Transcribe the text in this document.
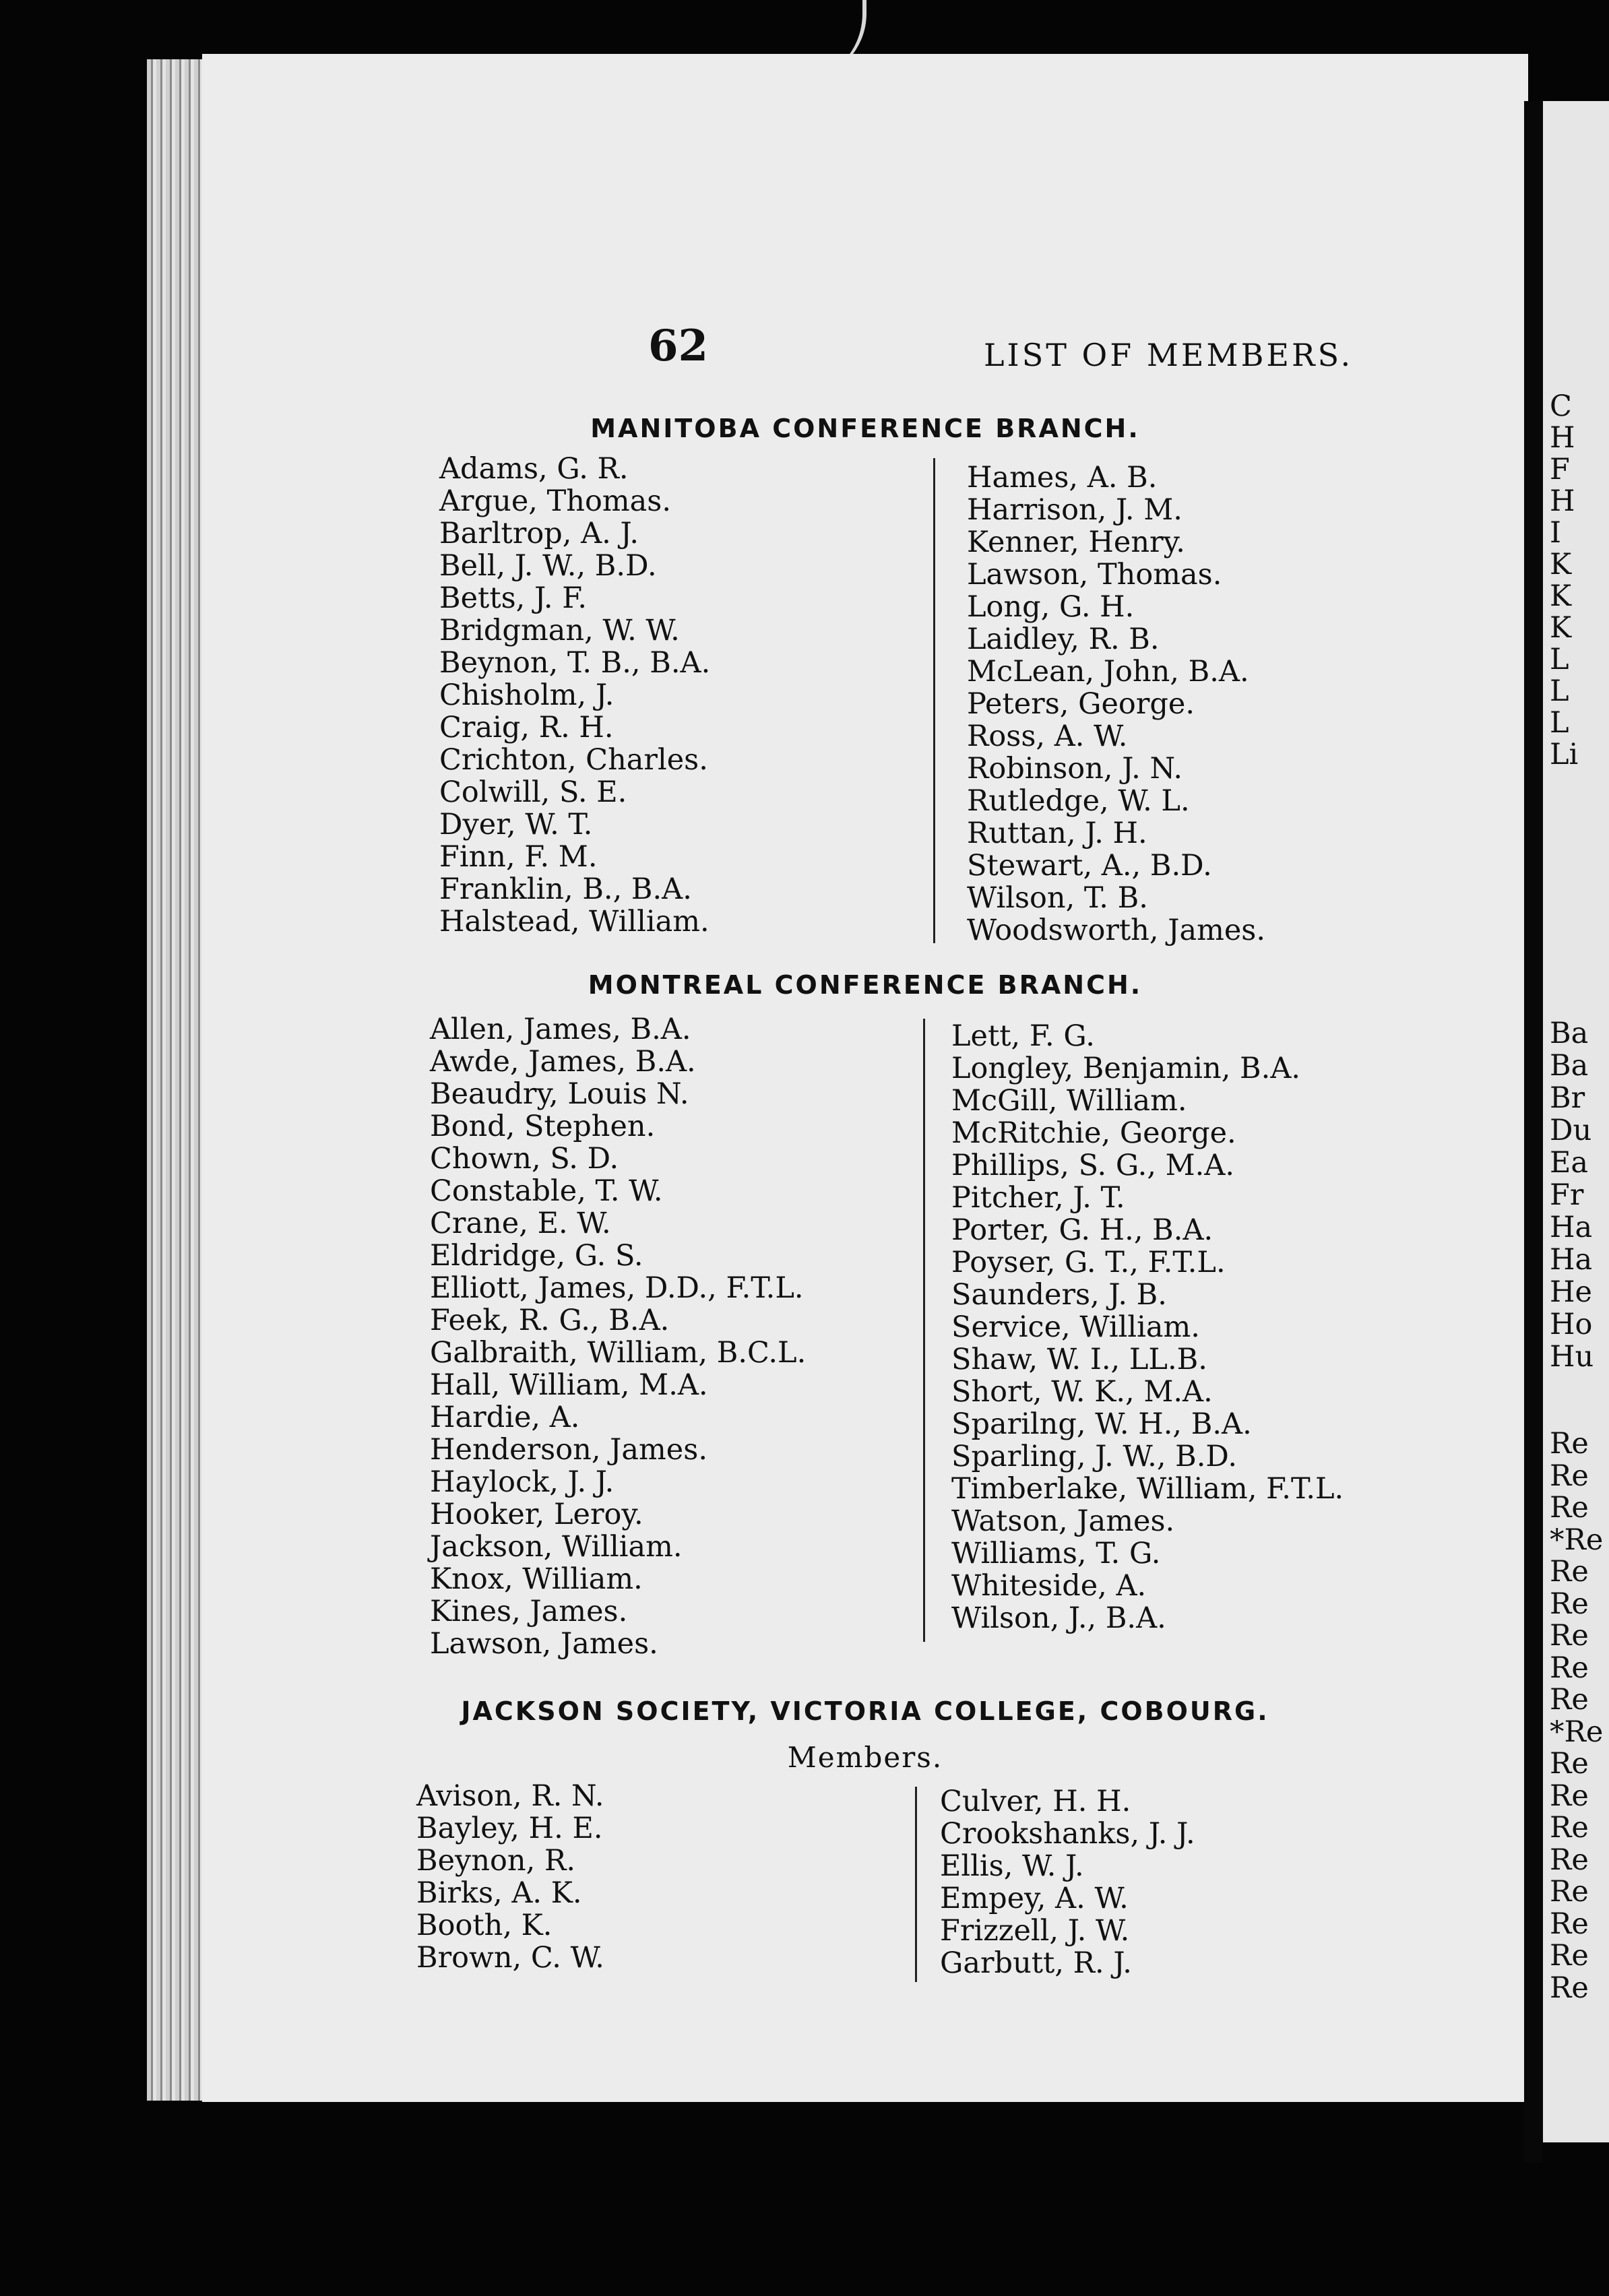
62	LIST OF MEMBERS.
MANITOBA CONFERENCE BRANCH.
Adams, G. R.
Argue, Thomas.
Barltrop, A. J.
Bell, J. W., B.D.
Betts, J. F.
Bridgman, W. W.
Beynon, T. B., B.A.
Chisholm, J.
Craig, R. H.
Crichton, Charles.
Colwill, S. E.
Dyer, W. T.
Finn, F. M.
Franklin, B., B.A.
Halstead, William.
Hames, A. B.
Harrison, J. M.
Kenner, Henry.
Lawson, Thomas.
Long, G. H.
Laidley, R. B.
McLean, John, B.A.
Peters, George.
Ross, A. W.
Robinson, J. N.
Rutledge, W. L.
Ruttan, J. H.
Stewart, A., B.D.
Wilson, T. B.
Woodsworth, James.
MONTREAL CONFERENCE BRANCH.
Allen, James, B.A.
Awde, James, B.A.
Beaudry, Louis N.
Bond, Stephen.
Chown, S. D.
Constable, T. W.
Crane, E. W.
Eldridge, G. S.
Elliott, James, D.D., F.T.L.
Feek, R. G., B.A.
Galbraith, William, B.C.L.
Hall, William, M.A.
Hardie, A.
Henderson, James.
Haylock, J. J.
Hooker, Leroy.
Jackson, William.
Knox, William.
Kines, James.
Lawson, James.
Lett, F. G.
Longley, Benjamin, B.A.
McGill, William.
McRitchie, George.
Phillips, S. G., M.A.
Pitcher, J. T.
Porter, G. H., B.A.
Poyser, G. T., F.T.L.
Saunders, J. B.
Service, William.
Shaw, W. I., LL.B.
Short, W. K., M.A.
Sparilng, W. H., B.A.
Sparling, J. W., B.D.
Timberlake, William, F.T.L.
Watson, James.
Williams, T. G.
Whiteside, A.
Wilson, J., B.A.
JACKSON SOCIETY, VICTORIA COLLEGE, COBOURG.
Members.
Avison, R. N.
Bayley, H. E.
Beynon, R.
Birks, A. K.
Booth, K.
Brown, C. W.
Culver, H. H.
Crookshanks, J. J.
Ellis, W. J.
Empey, A. W.
Frizzell, J. W.
Garbutt, R. J.
C
H
F
H
I
K
K
K
L
L
L
Li
Ba
Ba
Br
Du
Ea
Fr
Ha
Ha
He
Ho
Hu
Re
Re
Re
*Re
Re
Re
Re
Re
Re
*Re
Re
Re
Re
Re
Re
Re
Re
Re
